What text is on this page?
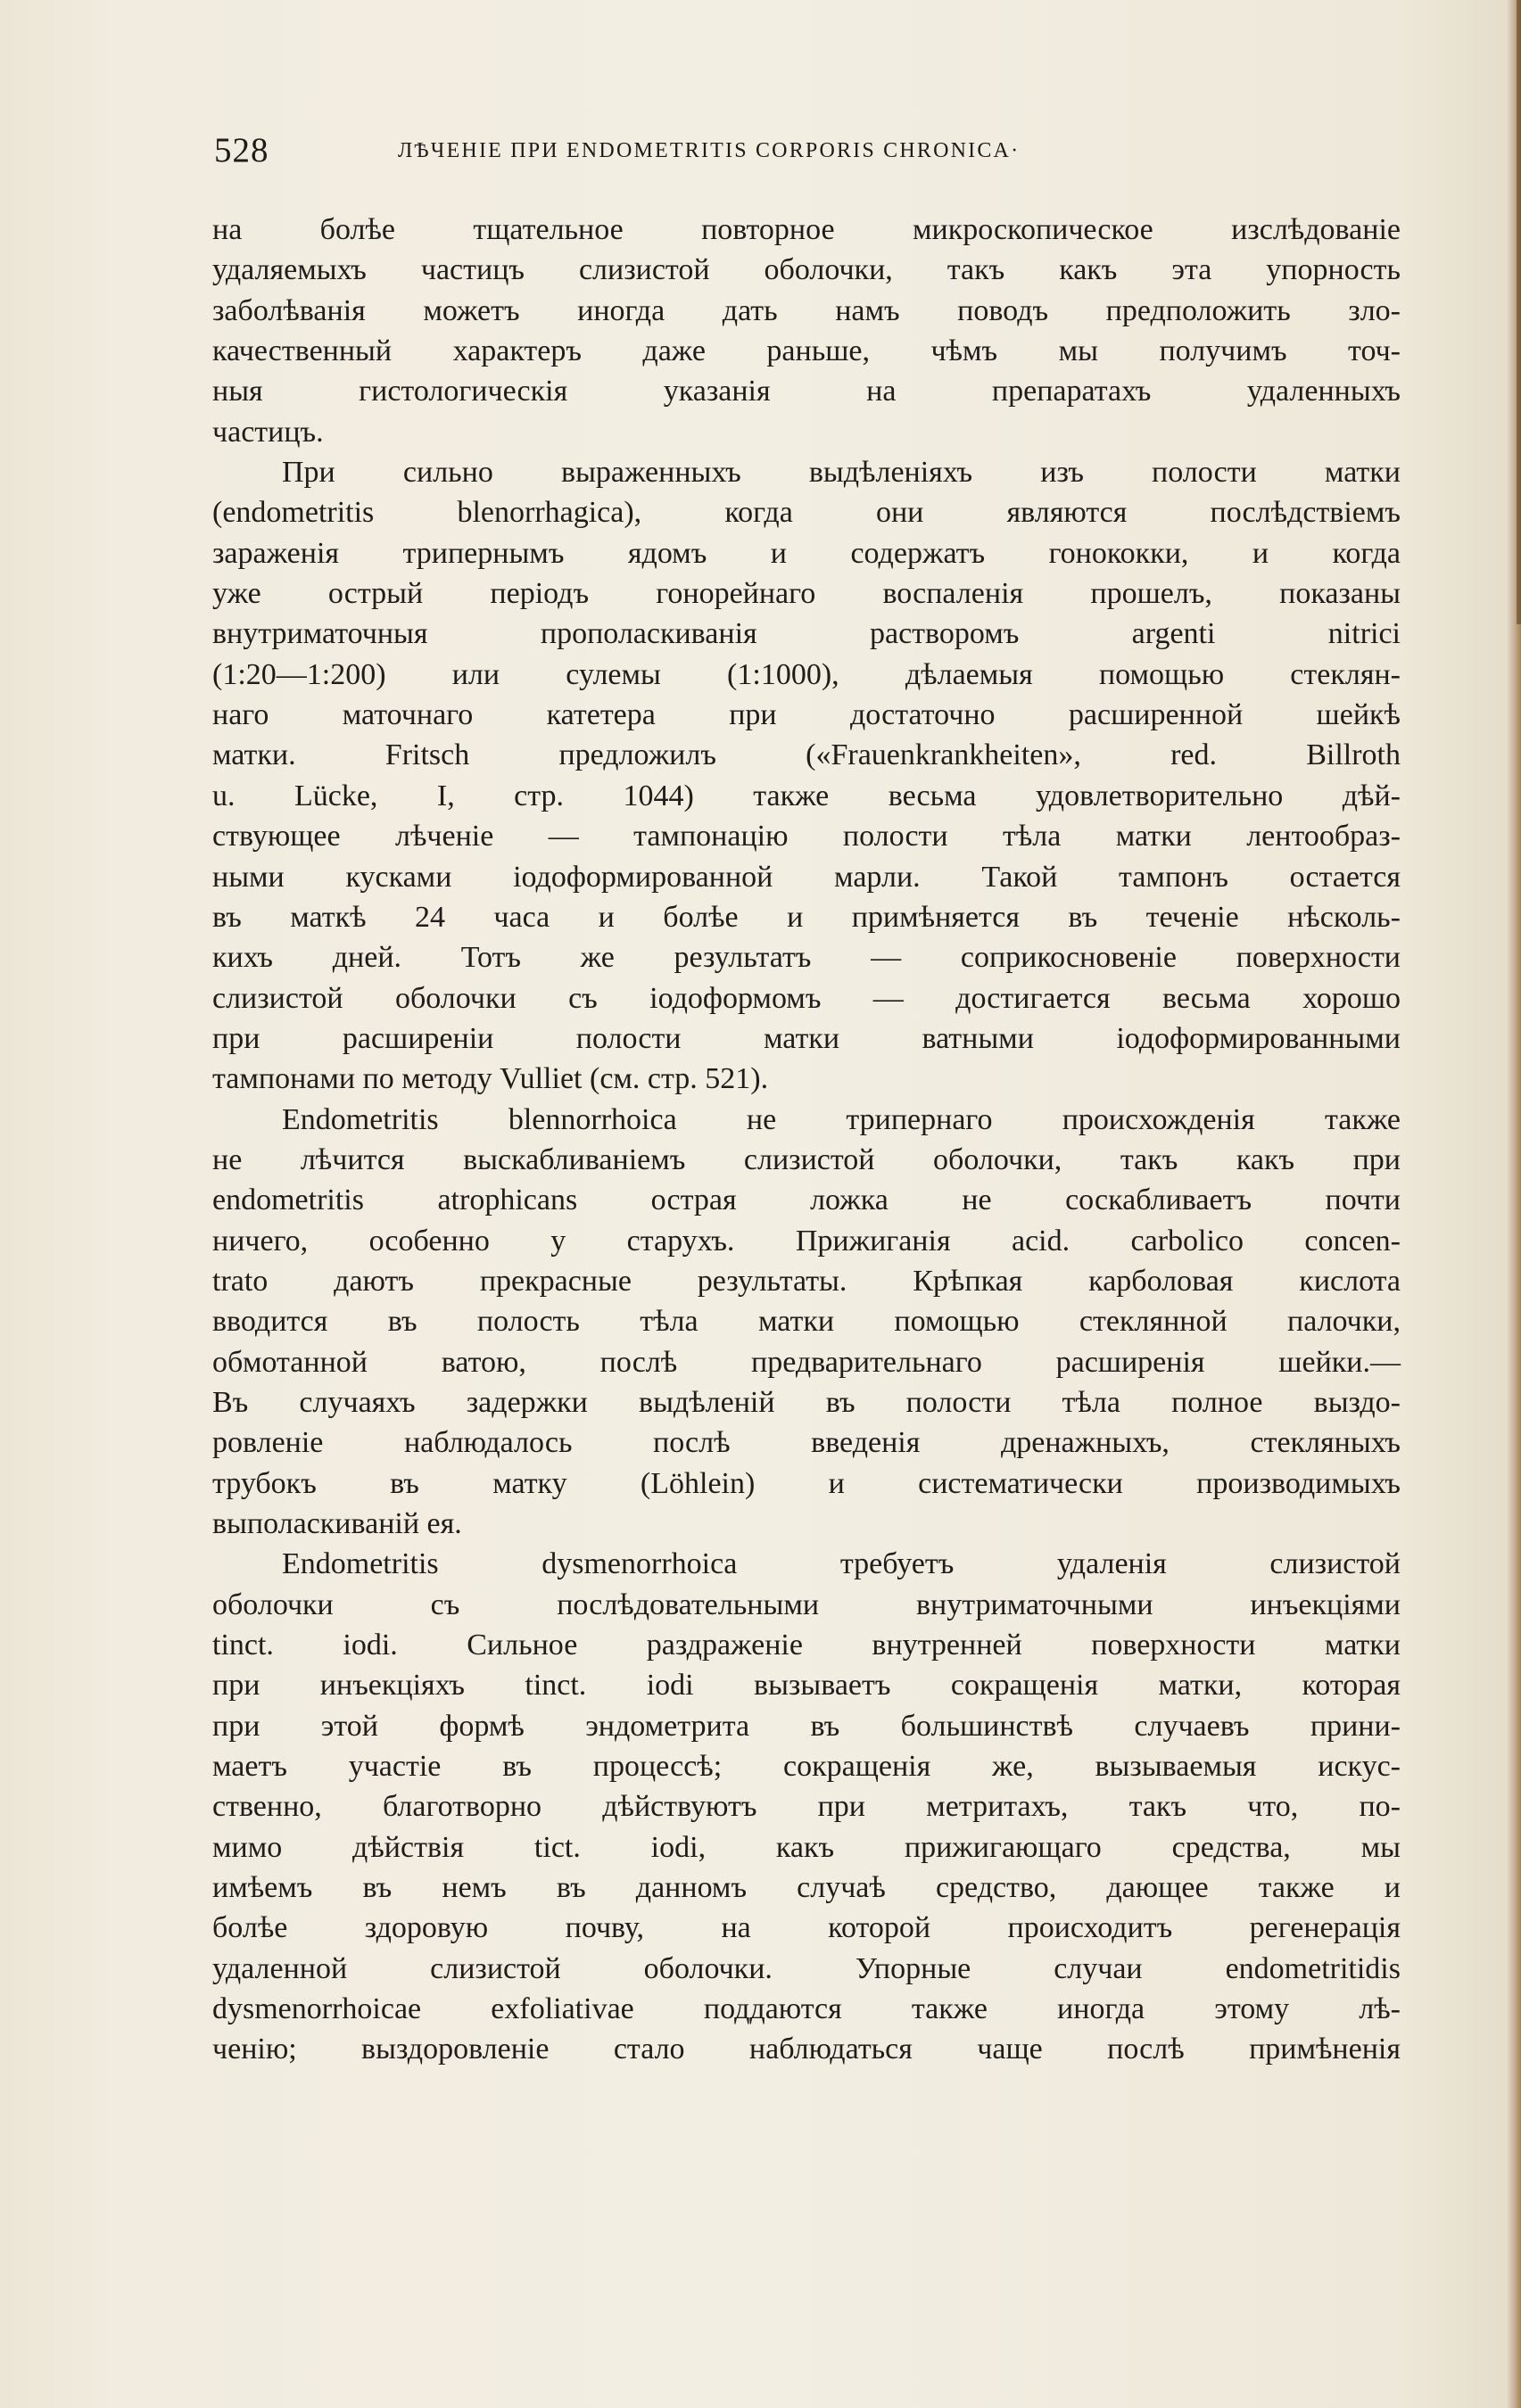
528	ЛѢЧЕНІЕ ПРИ ENDOMETRITIS CORPORIS CHRONICA·
на болѣе тщательное повторное микроскопическое изслѣдованіе
удаляемыхъ частицъ слизистой оболочки, такъ какъ эта упорность
заболѣванія можетъ иногда дать намъ поводъ предположить зло-
качественный характеръ даже раньше, чѣмъ мы получимъ точ-
ныя гистологическія указанія на препаратахъ удаленныхъ
частицъ.
При сильно выраженныхъ выдѣленіяхъ изъ полости матки
(endometritis blenorrhagica), когда они являются послѣдствіемъ
зараженія трипернымъ ядомъ и содержатъ гонококки, и когда
уже острый періодъ гонорейнаго воспаленія прошелъ, показаны
внутриматочныя прополаскиванія растворомъ argenti nitrici
(1:20—1:200) или сулемы (1:1000), дѣлаемыя помощью стеклян-
наго маточнаго катетера при достаточно расширенной шейкѣ
матки. Fritsch предложилъ («Frauenkrankheiten», red. Billroth
u. Lücke, I, стр. 1044) также весьма удовлетворительно дѣй-
ствующее лѣченіе — тампонацію полости тѣла матки лентообраз-
ными кусками іодоформированной марли. Такой тампонъ остается
въ маткѣ 24 часа и болѣе и примѣняется въ теченіе нѣсколь-
кихъ дней. Тотъ же результатъ — соприкосновеніе поверхности
слизистой оболочки съ іодоформомъ — достигается весьма хорошо
при расширеніи полости матки ватными іодоформированными
тампонами по методу Vulliet (см. стр. 521).
Endometritis blennorrhoica не трипернаго происхожденія также
не лѣчится выскабливаніемъ слизистой оболочки, такъ какъ при
endometritis atrophicans острая ложка не соскабливаетъ почти
ничего, особенно у старухъ. Прижиганія acid. carbolico concen-
trato даютъ прекрасные результаты. Крѣпкая карболовая кислота
вводится въ полость тѣла матки помощью стеклянной палочки,
обмотанной ватою, послѣ предварительнаго расширенія шейки.—
Въ случаяхъ задержки выдѣленій въ полости тѣла полное выздо-
ровленіе наблюдалось послѣ введенія дренажныхъ, стекляныхъ
трубокъ въ матку (Löhlein) и систематически производимыхъ
выполаскиваній ея.
Endometritis dysmenorrhoica требуетъ удаленія слизистой
оболочки съ послѣдовательными внутриматочными инъекціями
tinct. iodi. Сильное раздраженіе внутренней поверхности матки
при инъекціяхъ tinct. iodi вызываетъ сокращенія матки, которая
при этой формѣ эндометрита въ большинствѣ случаевъ прини-
маетъ участіе въ процессѣ; сокращенія же, вызываемыя искус-
ственно, благотворно дѣйствуютъ при метритахъ, такъ что, по-
мимо дѣйствія tict. iodi, какъ прижигающаго средства, мы
имѣемъ въ немъ въ данномъ случаѣ средство, дающее также и
болѣе здоровую почву, на которой происходитъ регенерація
удаленной слизистой оболочки. Упорные случаи endometritidis
dysmenorrhoicae exfoliativae поддаются также иногда этому лѣ-
ченію; выздоровленіе стало наблюдаться чаще послѣ примѣненія
